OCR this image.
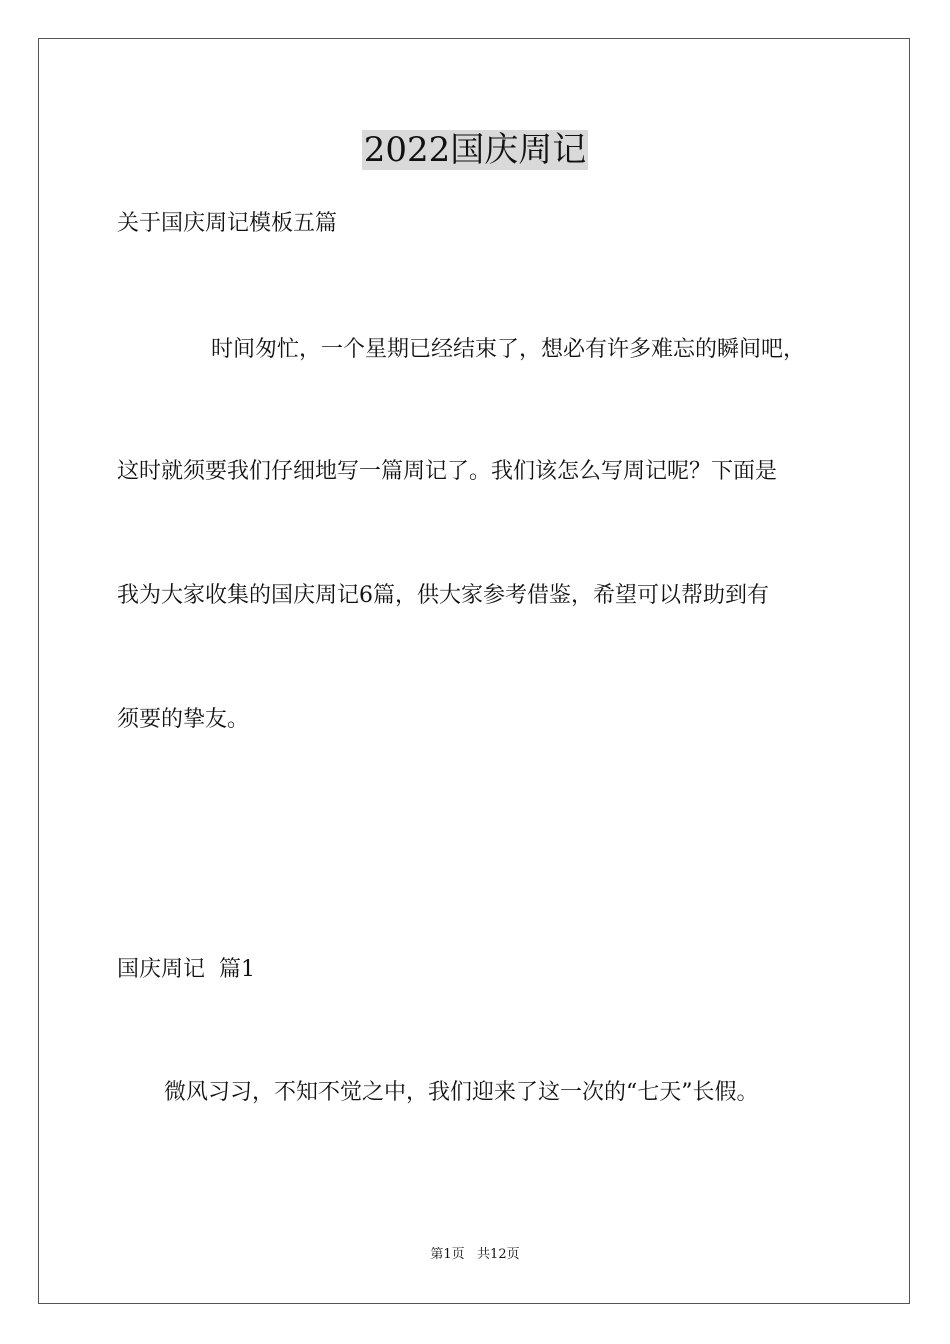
2022国庆周记
关于国庆周记模板五篇
时间匆忙，一个星期已经结束了，想必有许多难忘的瞬间吧，
这时就须要我们仔细地写一篇周记了。我们该怎么写周记呢？下面是
我为大家收集的国庆周记6篇，供大家参考借鉴，希望可以帮助到有
须要的挚友。
国庆周记  篇1
微风习习，不知不觉之中，我们迎来了这一次的“七天”长假。
第1页   共12页
